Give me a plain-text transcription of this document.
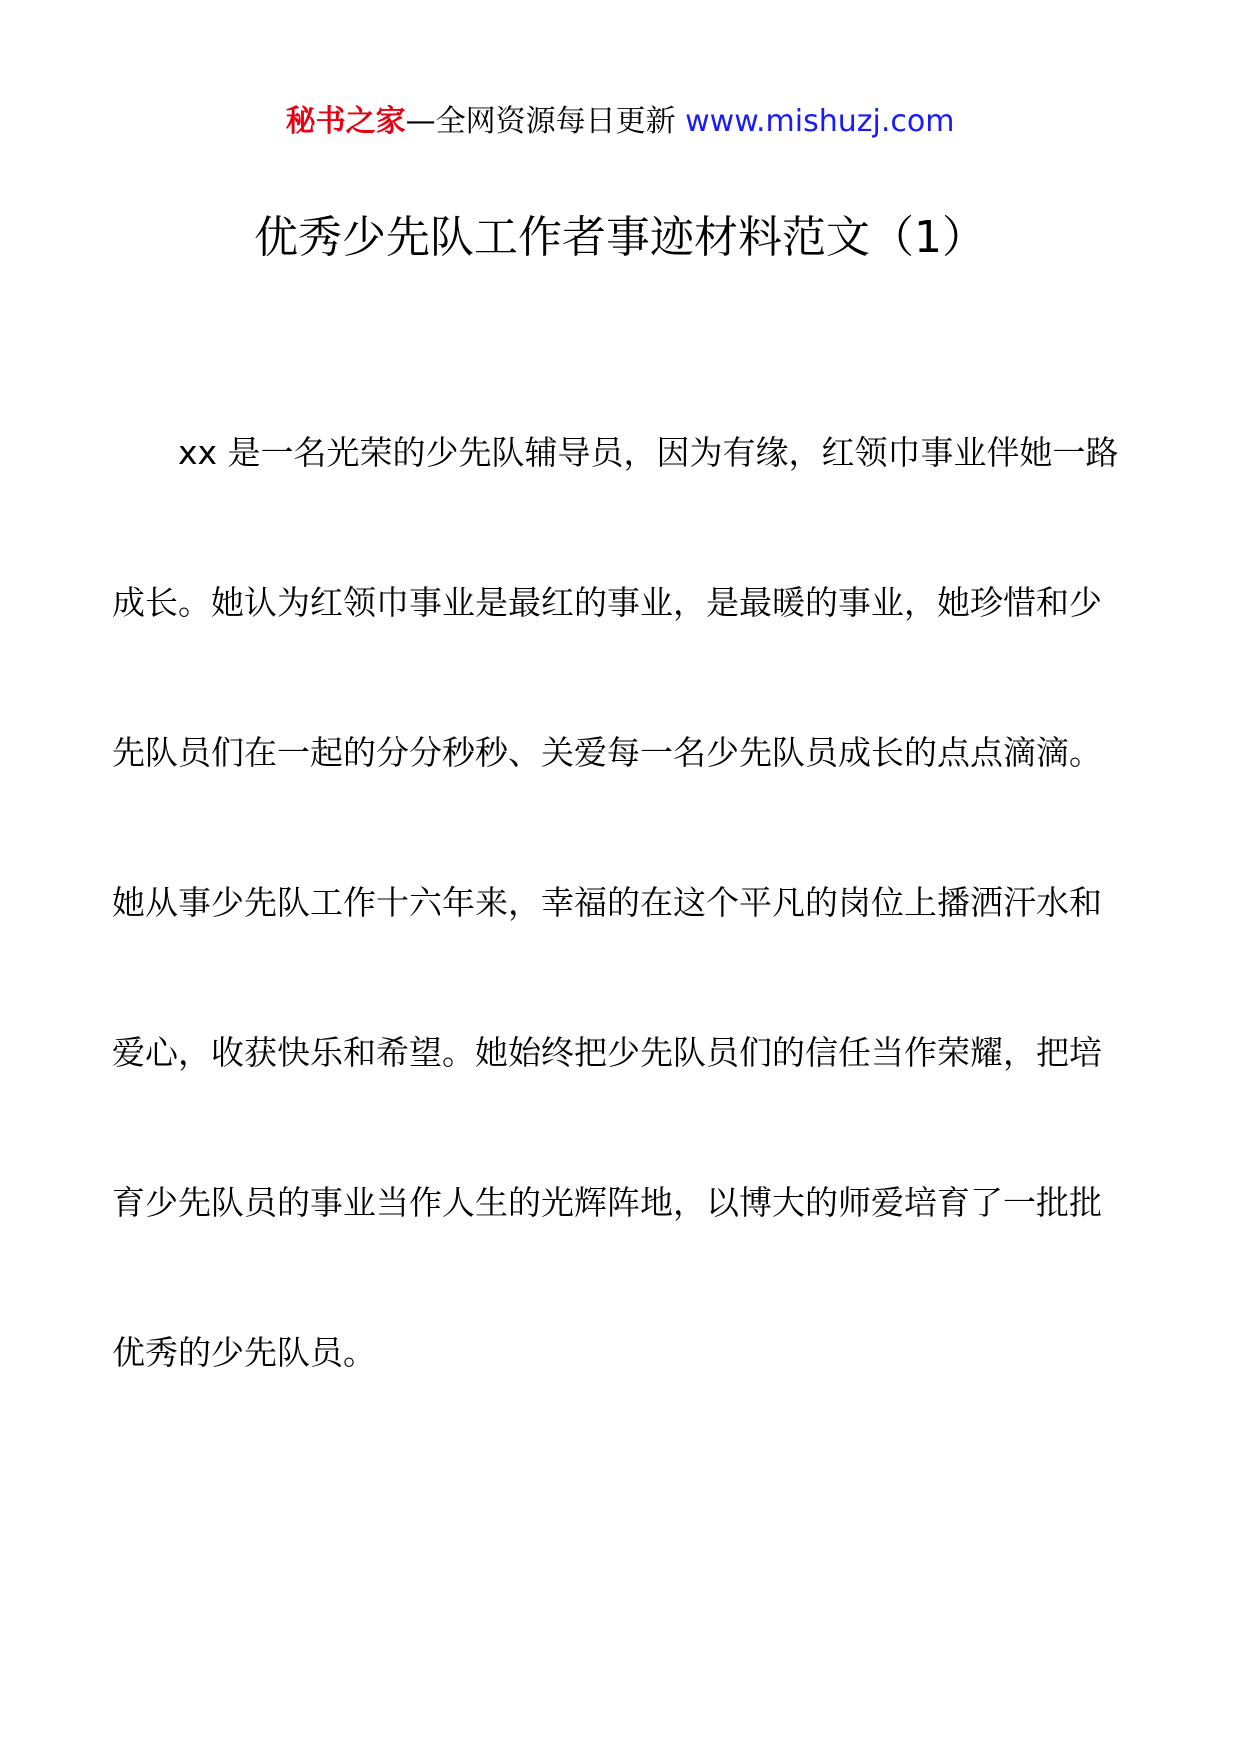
秘书之家—全网资源每日更新 www.mishuzj.com
优秀少先队工作者事迹材料范文（1）
xx 是一名光荣的少先队辅导员，因为有缘，红领巾事业伴她一路
成长。她认为红领巾事业是最红的事业，是最暖的事业，她珍惜和少
先队员们在一起的分分秒秒、关爱每一名少先队员成长的点点滴滴。
她从事少先队工作十六年来，幸福的在这个平凡的岗位上播洒汗水和
爱心，收获快乐和希望。她始终把少先队员们的信任当作荣耀，把培
育少先队员的事业当作人生的光辉阵地，以博大的师爱培育了一批批
优秀的少先队员。
